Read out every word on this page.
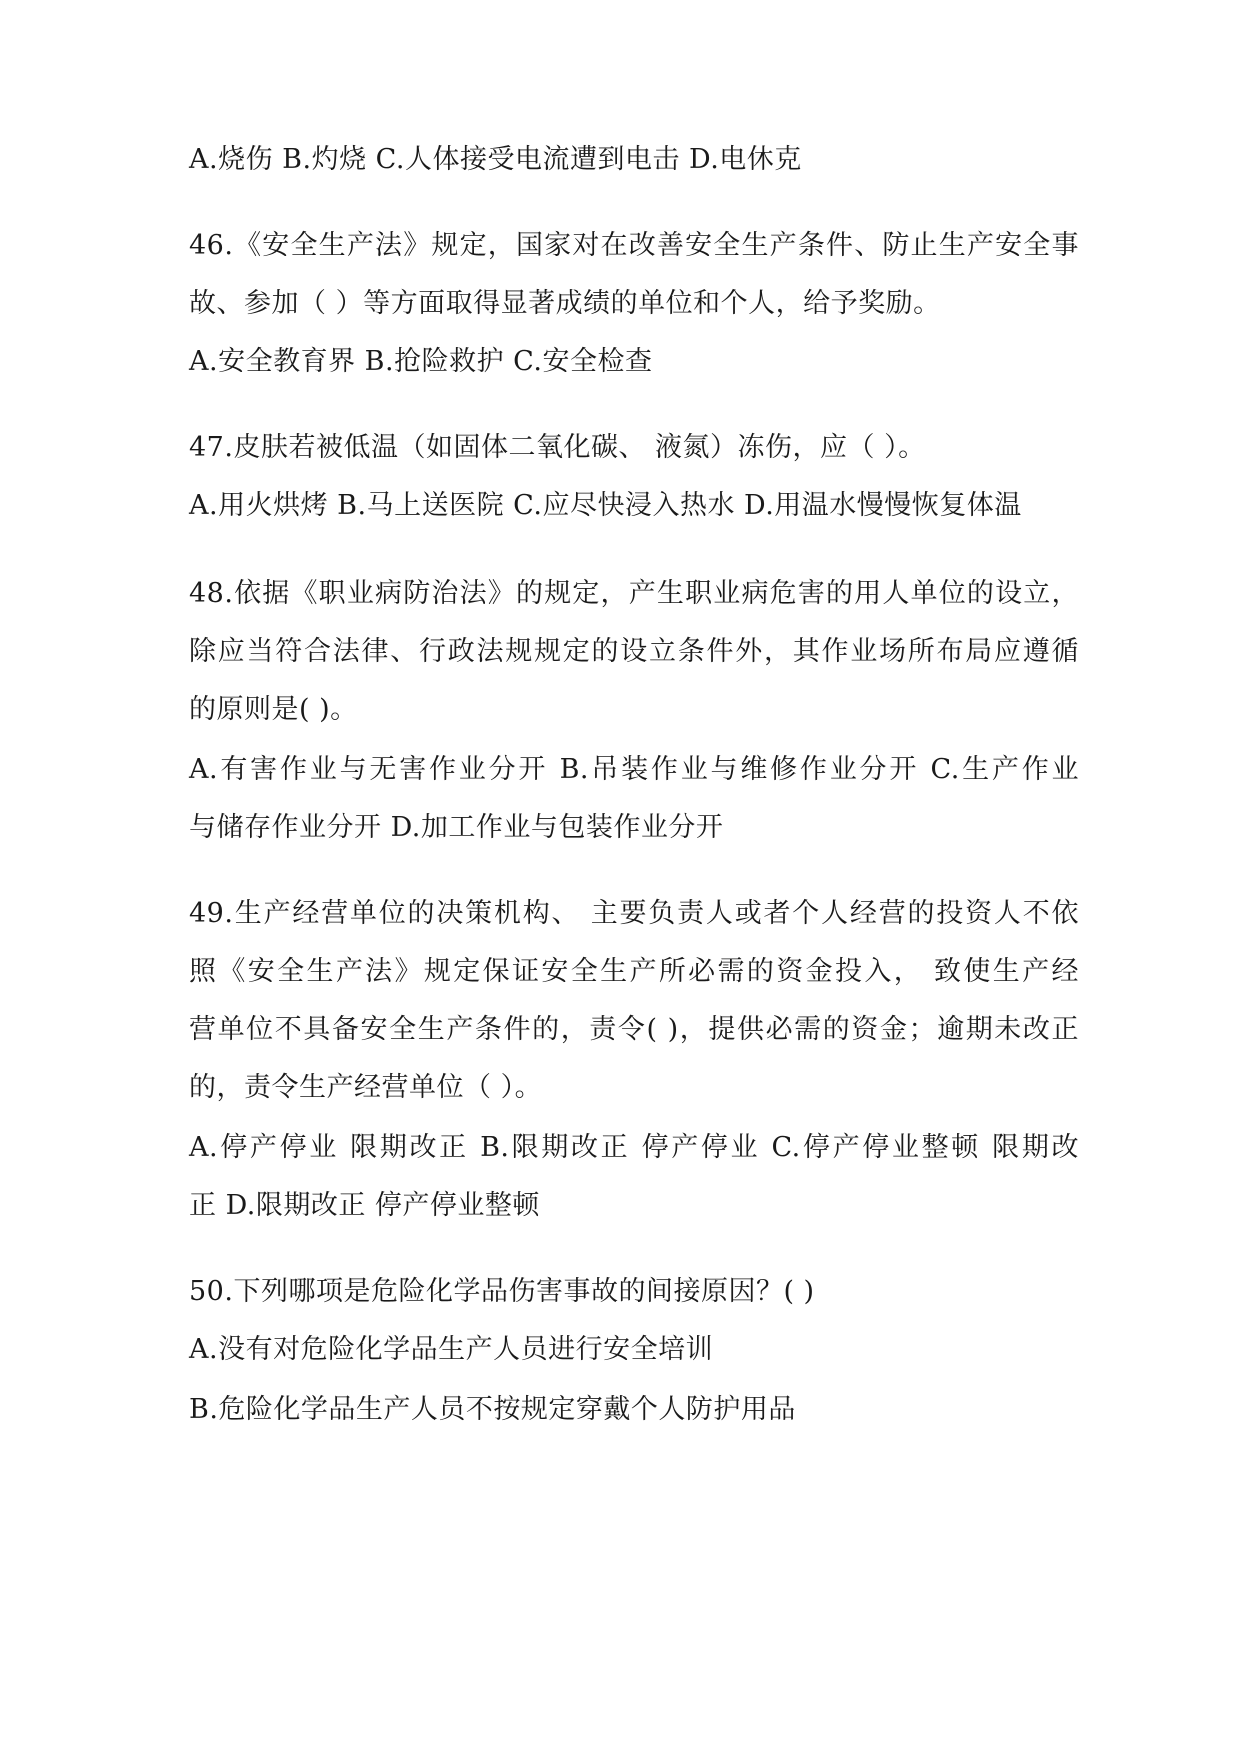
A.烧伤 B.灼烧 C.人体接受电流遭到电击 D.电休克
46.《安全生产法》规定，国家对在改善安全生产条件、防止生产安全事
故、参加（ ）等方面取得显著成绩的单位和个人，给予奖励。
A.安全教育界 B.抢险救护 C.安全检查
47.皮肤若被低温（如固体二氧化碳、 液氮）冻伤，应（ ）。
A.用火烘烤 B.马上送医院 C.应尽快浸入热水 D.用温水慢慢恢复体温
48.依据《职业病防治法》的规定，产生职业病危害的用人单位的设立，
除应当符合法律、行政法规规定的设立条件外，其作业场所布局应遵循
的原则是( )。
A.有害作业与无害作业分开 B.吊装作业与维修作业分开 C.生产作业
与储存作业分开 D.加工作业与包装作业分开
49.生产经营单位的决策机构、 主要负责人或者个人经营的投资人不依
照《安全生产法》规定保证安全生产所必需的资金投入， 致使生产经
营单位不具备安全生产条件的，责令( )，提供必需的资金；逾期未改正
的，责令生产经营单位（ ）。
A.停产停业 限期改正 B.限期改正 停产停业 C.停产停业整顿 限期改
正 D.限期改正 停产停业整顿
50.下列哪项是危险化学品伤害事故的间接原因？( )
A.没有对危险化学品生产人员进行安全培训
B.危险化学品生产人员不按规定穿戴个人防护用品
